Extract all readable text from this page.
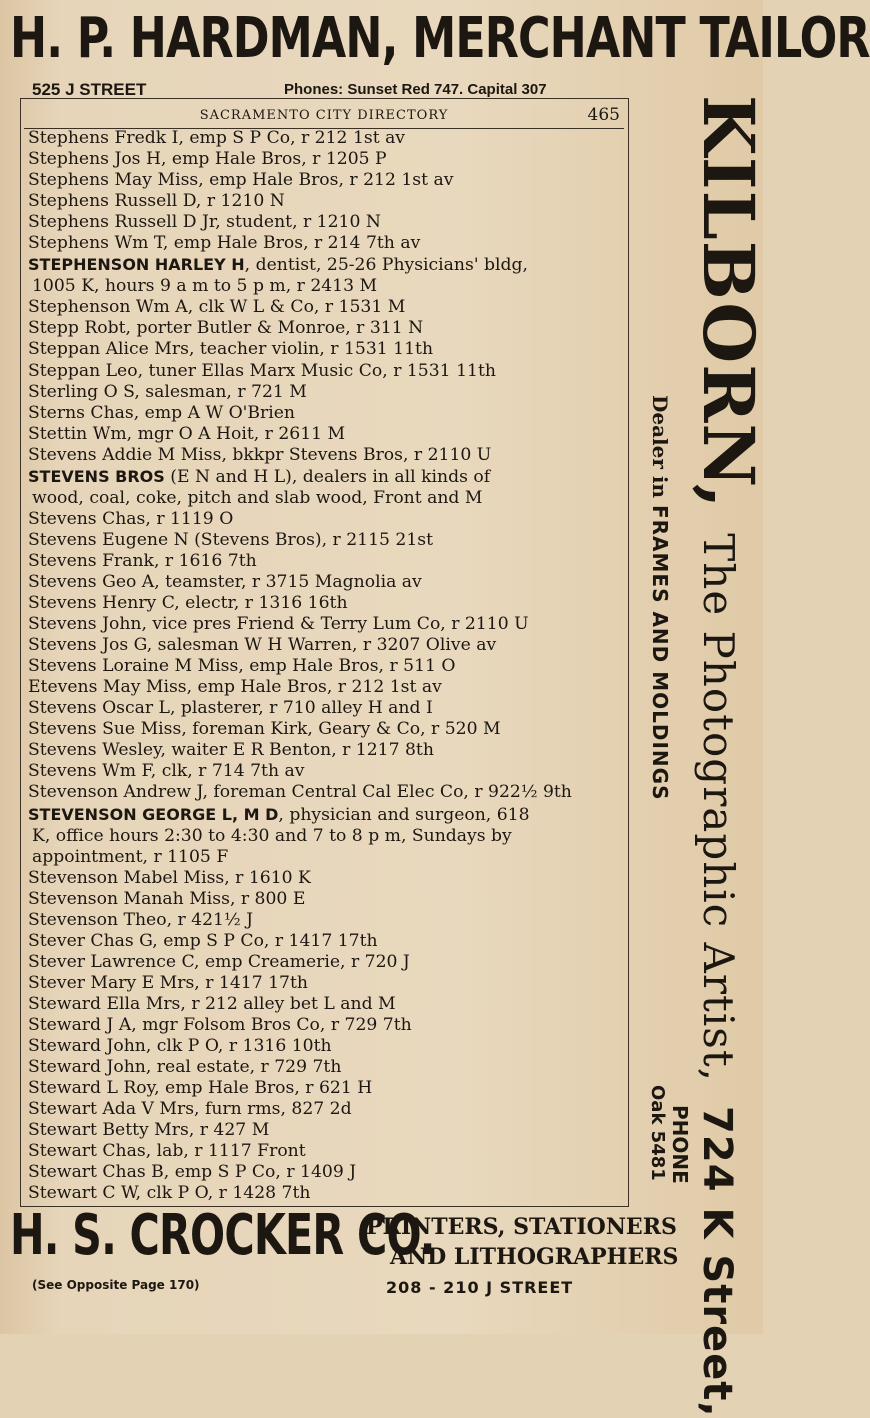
H. P. HARDMAN, MERCHANT TAILOR
525 J STREET	Phones: Sunset Red 747. Capital 307
SACRAMENTO CITY DIRECTORY	465
Stephens Fredk I, emp S P Co, r 212 1st av
Stephens Jos H, emp Hale Bros, r 1205 P
Stephens May Miss, emp Hale Bros, r 212 1st av
Stephens Russell D, r 1210 N
Stephens Russell D Jr, student, r 1210 N
Stephens Wm T, emp Hale Bros, r 214 7th av
STEPHENSON HARLEY H, dentist, 25-26 Physicians' bldg,
1005 K, hours 9 a m to 5 p m, r 2413 M
Stephenson Wm A, clk W L & Co, r 1531 M
Stepp Robt, porter Butler & Monroe, r 311 N
Steppan Alice Mrs, teacher violin, r 1531 11th
Steppan Leo, tuner Ellas Marx Music Co, r 1531 11th
Sterling O S, salesman, r 721 M
Sterns Chas, emp A W O'Brien
Stettin Wm, mgr O A Hoit, r 2611 M
Stevens Addie M Miss, bkkpr Stevens Bros, r 2110 U
STEVENS BROS (E N and H L), dealers in all kinds of
wood, coal, coke, pitch and slab wood, Front and M
Stevens Chas, r 1119 O
Stevens Eugene N (Stevens Bros), r 2115 21st
Stevens Frank, r 1616 7th
Stevens Geo A, teamster, r 3715 Magnolia av
Stevens Henry C, electr, r 1316 16th
Stevens John, vice pres Friend & Terry Lum Co, r 2110 U
Stevens Jos G, salesman W H Warren, r 3207 Olive av
Stevens Loraine M Miss, emp Hale Bros, r 511 O
Etevens May Miss, emp Hale Bros, r 212 1st av
Stevens Oscar L, plasterer, r 710 alley H and I
Stevens Sue Miss, foreman Kirk, Geary & Co, r 520 M
Stevens Wesley, waiter E R Benton, r 1217 8th
Stevens Wm F, clk, r 714 7th av
Stevenson Andrew J, foreman Central Cal Elec Co, r 922½ 9th
STEVENSON GEORGE L, M D, physician and surgeon, 618
K, office hours 2:30 to 4:30 and 7 to 8 p m, Sundays by
appointment, r 1105 F
Stevenson Mabel Miss, r 1610 K
Stevenson Manah Miss, r 800 E
Stevenson Theo, r 421½ J
Stever Chas G, emp S P Co, r 1417 17th
Stever Lawrence C, emp Creamerie, r 720 J
Stever Mary E Mrs, r 1417 17th
Steward Ella Mrs, r 212 alley bet L and M
Steward J A, mgr Folsom Bros Co, r 729 7th
Steward John, clk P O, r 1316 10th
Steward John, real estate, r 729 7th
Steward L Roy, emp Hale Bros, r 621 H
Stewart Ada V Mrs, furn rms, 827 2d
Stewart Betty Mrs, r 427 M
Stewart Chas, lab, r 1117 Front
Stewart Chas B, emp S P Co, r 1409 J
Stewart C W, clk P O, r 1428 7th
KILBORN, The Photographic Artist, 724 K Street,
Dealer in FRAMES AND MOLDINGS
PHONE
Oak 5481
H. S. CROCKER CO.
(See Opposite Page 170)
PRINTERS, STATIONERS
AND LITHOGRAPHERS
208 - 210 J STREET
